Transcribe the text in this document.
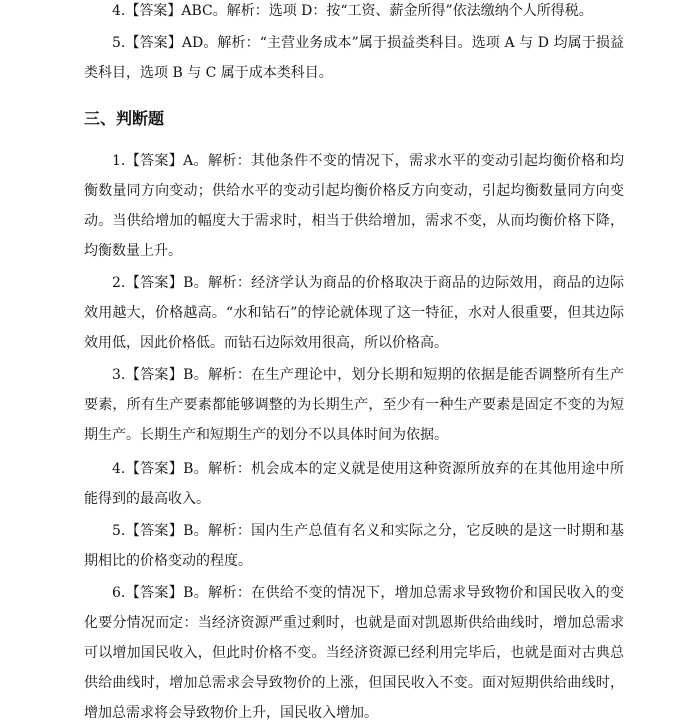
4.【答案】ABC。解析：选项 D：按“工资、薪金所得”依法缴纳个人所得税。

5.【答案】AD。解析：“主营业务成本”属于损益类科目。选项 A 与 D 均属于损益类科目，选项 B 与 C 属于成本类科目。

三、判断题

1.【答案】A。解析：其他条件不变的情况下，需求水平的变动引起均衡价格和均衡数量同方向变动；供给水平的变动引起均衡价格反方向变动，引起均衡数量同方向变动。当供给增加的幅度大于需求时，相当于供给增加，需求不变，从而均衡价格下降，均衡数量上升。

2.【答案】B。解析：经济学认为商品的价格取决于商品的边际效用，商品的边际效用越大，价格越高。“水和钻石”的悖论就体现了这一特征，水对人很重要，但其边际效用低，因此价格低。而钻石边际效用很高，所以价格高。

3.【答案】B。解析：在生产理论中，划分长期和短期的依据是能否调整所有生产要素，所有生产要素都能够调整的为长期生产，至少有一种生产要素是固定不变的为短期生产。长期生产和短期生产的划分不以具体时间为依据。

4.【答案】B。解析：机会成本的定义就是使用这种资源所放弃的在其他用途中所能得到的最高收入。

5.【答案】B。解析：国内生产总值有名义和实际之分，它反映的是这一时期和基期相比的价格变动的程度。

6.【答案】B。解析：在供给不变的情况下，增加总需求导致物价和国民收入的变化要分情况而定：当经济资源严重过剩时，也就是面对凯恩斯供给曲线时，增加总需求可以增加国民收入，但此时价格不变。当经济资源已经利用完毕后，也就是面对古典总供给曲线时，增加总需求会导致物价的上涨，但国民收入不变。面对短期供给曲线时，增加总需求将会导致物价上升，国民收入增加。
